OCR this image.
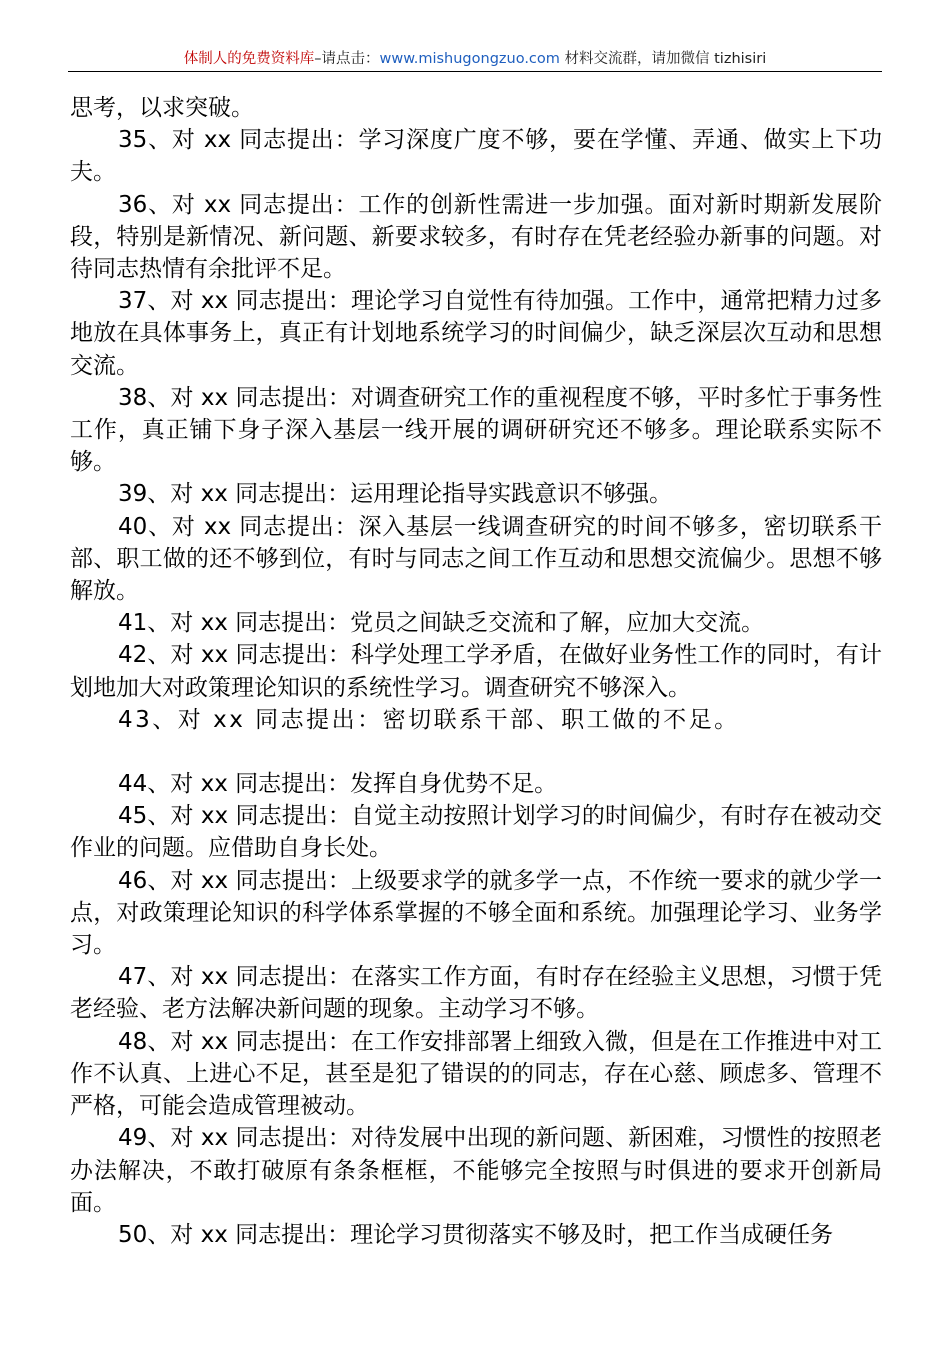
体制人的免费资料库–请点击：www.mishugongzuo.com 材料交流群，请加微信 tizhisiri

思考，以求突破。

35、对 xx 同志提出：学习深度广度不够，要在学懂、弄通、做实上下功夫。

36、对 xx 同志提出：工作的创新性需进一步加强。面对新时期新发展阶段，特别是新情况、新问题、新要求较多，有时存在凭老经验办新事的问题。对待同志热情有余批评不足。

37、对 xx 同志提出：理论学习自觉性有待加强。工作中，通常把精力过多地放在具体事务上，真正有计划地系统学习的时间偏少，缺乏深层次互动和思想交流。

38、对 xx 同志提出：对调查研究工作的重视程度不够，平时多忙于事务性工作，真正铺下身子深入基层一线开展的调研研究还不够多。理论联系实际不够。

39、对 xx 同志提出：运用理论指导实践意识不够强。

40、对 xx 同志提出：深入基层一线调查研究的时间不够多，密切联系干部、职工做的还不够到位，有时与同志之间工作互动和思想交流偏少。思想不够解放。

41、对 xx 同志提出：党员之间缺乏交流和了解，应加大交流。

42、对 xx 同志提出：科学处理工学矛盾，在做好业务性工作的同时，有计划地加大对政策理论知识的系统性学习。调查研究不够深入。

43、对 xx 同志提出：密切联系干部、职工做的不足。

44、对 xx 同志提出：发挥自身优势不足。

45、对 xx 同志提出：自觉主动按照计划学习的时间偏少，有时存在被动交作业的问题。应借助自身长处。

46、对 xx 同志提出：上级要求学的就多学一点，不作统一要求的就少学一点，对政策理论知识的科学体系掌握的不够全面和系统。加强理论学习、业务学习。

47、对 xx 同志提出：在落实工作方面，有时存在经验主义思想，习惯于凭老经验、老方法解决新问题的现象。主动学习不够。

48、对 xx 同志提出：在工作安排部署上细致入微，但是在工作推进中对工作不认真、上进心不足，甚至是犯了错误的的同志，存在心慈、顾虑多、管理不严格，可能会造成管理被动。

49、对 xx 同志提出：对待发展中出现的新问题、新困难，习惯性的按照老办法解决，不敢打破原有条条框框，不能够完全按照与时俱进的要求开创新局面。

50、对 xx 同志提出：理论学习贯彻落实不够及时，把工作当成硬任务
